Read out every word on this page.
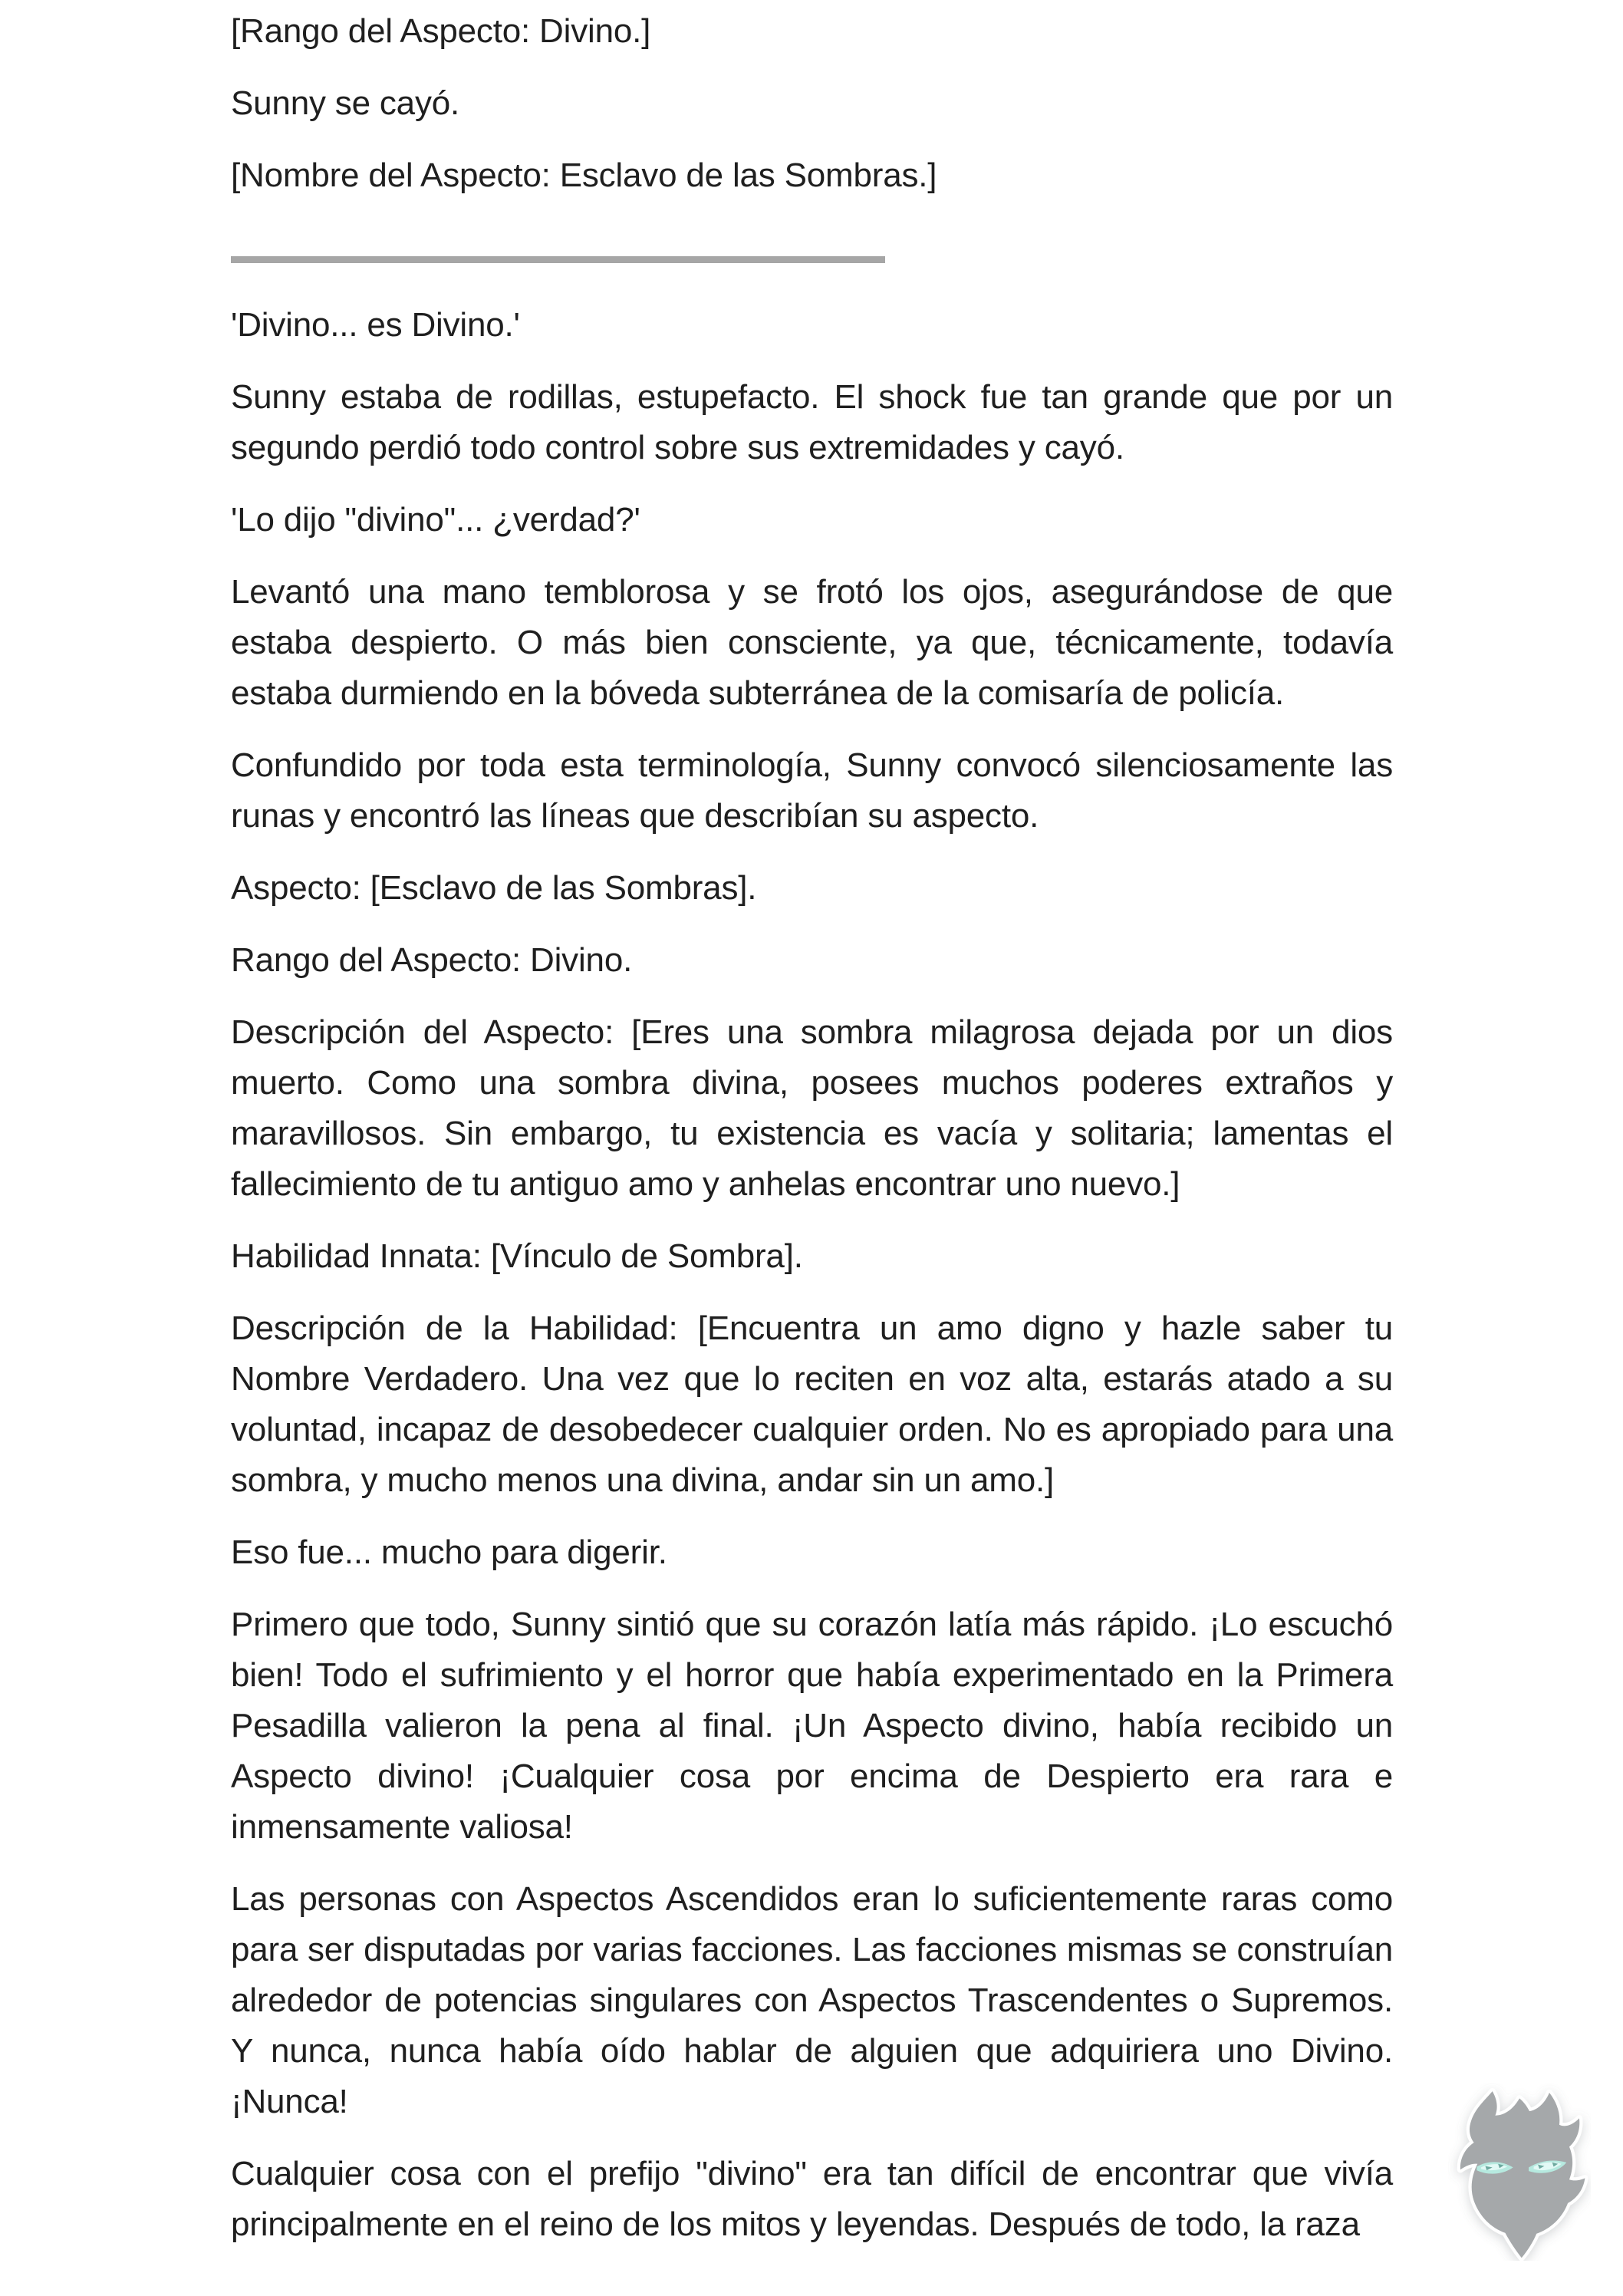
[Rango del Aspecto: Divino.]

Sunny se cayó.

[Nombre del Aspecto: Esclavo de las Sombras.]

'Divino... es Divino.'

Sunny estaba de rodillas, estupefacto. El shock fue tan grande que por un segundo perdió todo control sobre sus extremidades y cayó.

'Lo dijo "divino"... ¿verdad?'

Levantó una mano temblorosa y se frotó los ojos, asegurándose de que estaba despierto. O más bien consciente, ya que, técnicamente, todavía estaba durmiendo en la bóveda subterránea de la comisaría de policía.

Confundido por toda esta terminología, Sunny convocó silenciosamente las runas y encontró las líneas que describían su aspecto.

Aspecto: [Esclavo de las Sombras].

Rango del Aspecto: Divino.

Descripción del Aspecto: [Eres una sombra milagrosa dejada por un dios muerto. Como una sombra divina, posees muchos poderes extraños y maravillosos. Sin embargo, tu existencia es vacía y solitaria; lamentas el fallecimiento de tu antiguo amo y anhelas encontrar uno nuevo.]

Habilidad Innata: [Vínculo de Sombra].

Descripción de la Habilidad: [Encuentra un amo digno y hazle saber tu Nombre Verdadero. Una vez que lo reciten en voz alta, estarás atado a su voluntad, incapaz de desobedecer cualquier orden. No es apropiado para una sombra, y mucho menos una divina, andar sin un amo.]

Eso fue... mucho para digerir.

Primero que todo, Sunny sintió que su corazón latía más rápido. ¡Lo escuchó bien! Todo el sufrimiento y el horror que había experimentado en la Primera Pesadilla valieron la pena al final. ¡Un Aspecto divino, había recibido un Aspecto divino! ¡Cualquier cosa por encima de Despierto era rara e inmensamente valiosa!

Las personas con Aspectos Ascendidos eran lo suficientemente raras como para ser disputadas por varias facciones. Las facciones mismas se construían alrededor de potencias singulares con Aspectos Trascendentes o Supremos. Y nunca, nunca había oído hablar de alguien que adquiriera uno Divino. ¡Nunca!

Cualquier cosa con el prefijo "divino" era tan difícil de encontrar que vivía principalmente en el reino de los mitos y leyendas. Después de todo, la raza
